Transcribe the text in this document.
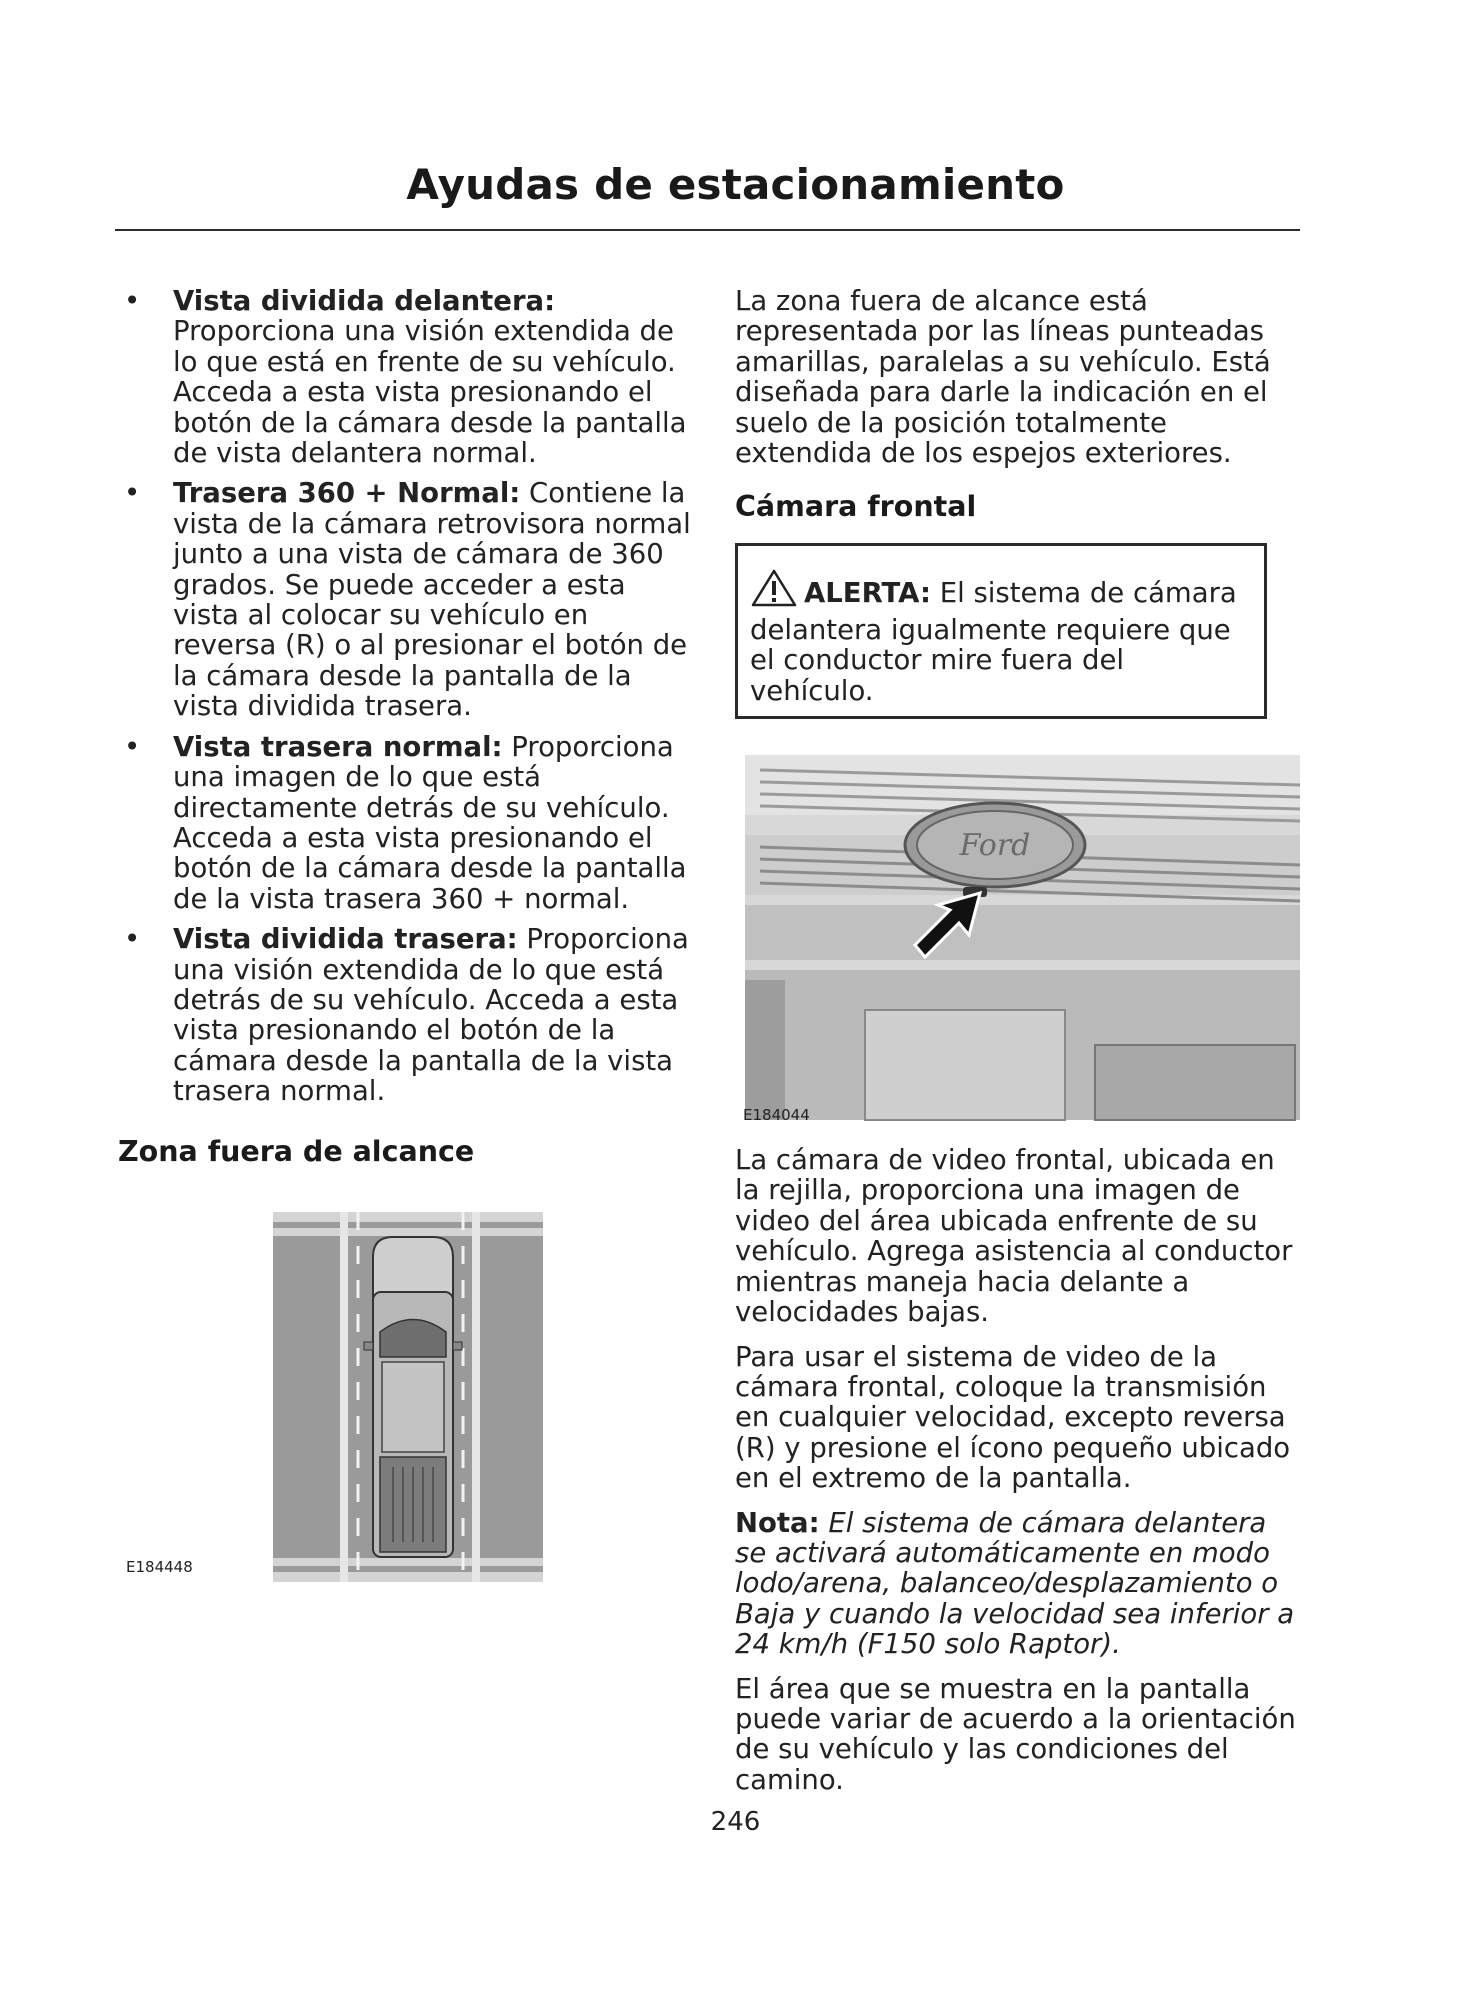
Ayudas de estacionamiento
• Vista dividida delantera: Proporciona una visión extendida de lo que está en frente de su vehículo. Acceda a esta vista presionando el botón de la cámara desde la pantalla de vista delantera normal.
• Trasera 360 + Normal: Contiene la vista de la cámara retrovisora normal junto a una vista de cámara de 360 grados. Se puede acceder a esta vista al colocar su vehículo en reversa (R) o al presionar el botón de la cámara desde la pantalla de la vista dividida trasera.
• Vista trasera normal: Proporciona una imagen de lo que está directamente detrás de su vehículo. Acceda a esta vista presionando el botón de la cámara desde la pantalla de la vista trasera 360 + normal.
• Vista dividida trasera: Proporciona una visión extendida de lo que está detrás de su vehículo. Acceda a esta vista presionando el botón de la cámara desde la pantalla de la vista trasera normal.
Zona fuera de alcance
E184448

La zona fuera de alcance está representada por las líneas punteadas amarillas, paralelas a su vehículo. Está diseñada para darle la indicación en el suelo de la posición totalmente extendida de los espejos exteriores.

Cámara frontal
ALERTA: El sistema de cámara delantera igualmente requiere que el conductor mire fuera del vehículo.
Ford
E184044

La cámara de video frontal, ubicada en la rejilla, proporciona una imagen de video del área ubicada enfrente de su vehículo. Agrega asistencia al conductor mientras maneja hacia delante a velocidades bajas.

Para usar el sistema de video de la cámara frontal, coloque la transmisión en cualquier velocidad, excepto reversa (R) y presione el ícono pequeño ubicado en el extremo de la pantalla.

Nota: El sistema de cámara delantera se activará automáticamente en modo lodo/arena, balanceo/desplazamiento o Baja y cuando la velocidad sea inferior a 24 km/h (F150 solo Raptor).

El área que se muestra en la pantalla puede variar de acuerdo a la orientación de su vehículo y las condiciones del camino.

246
